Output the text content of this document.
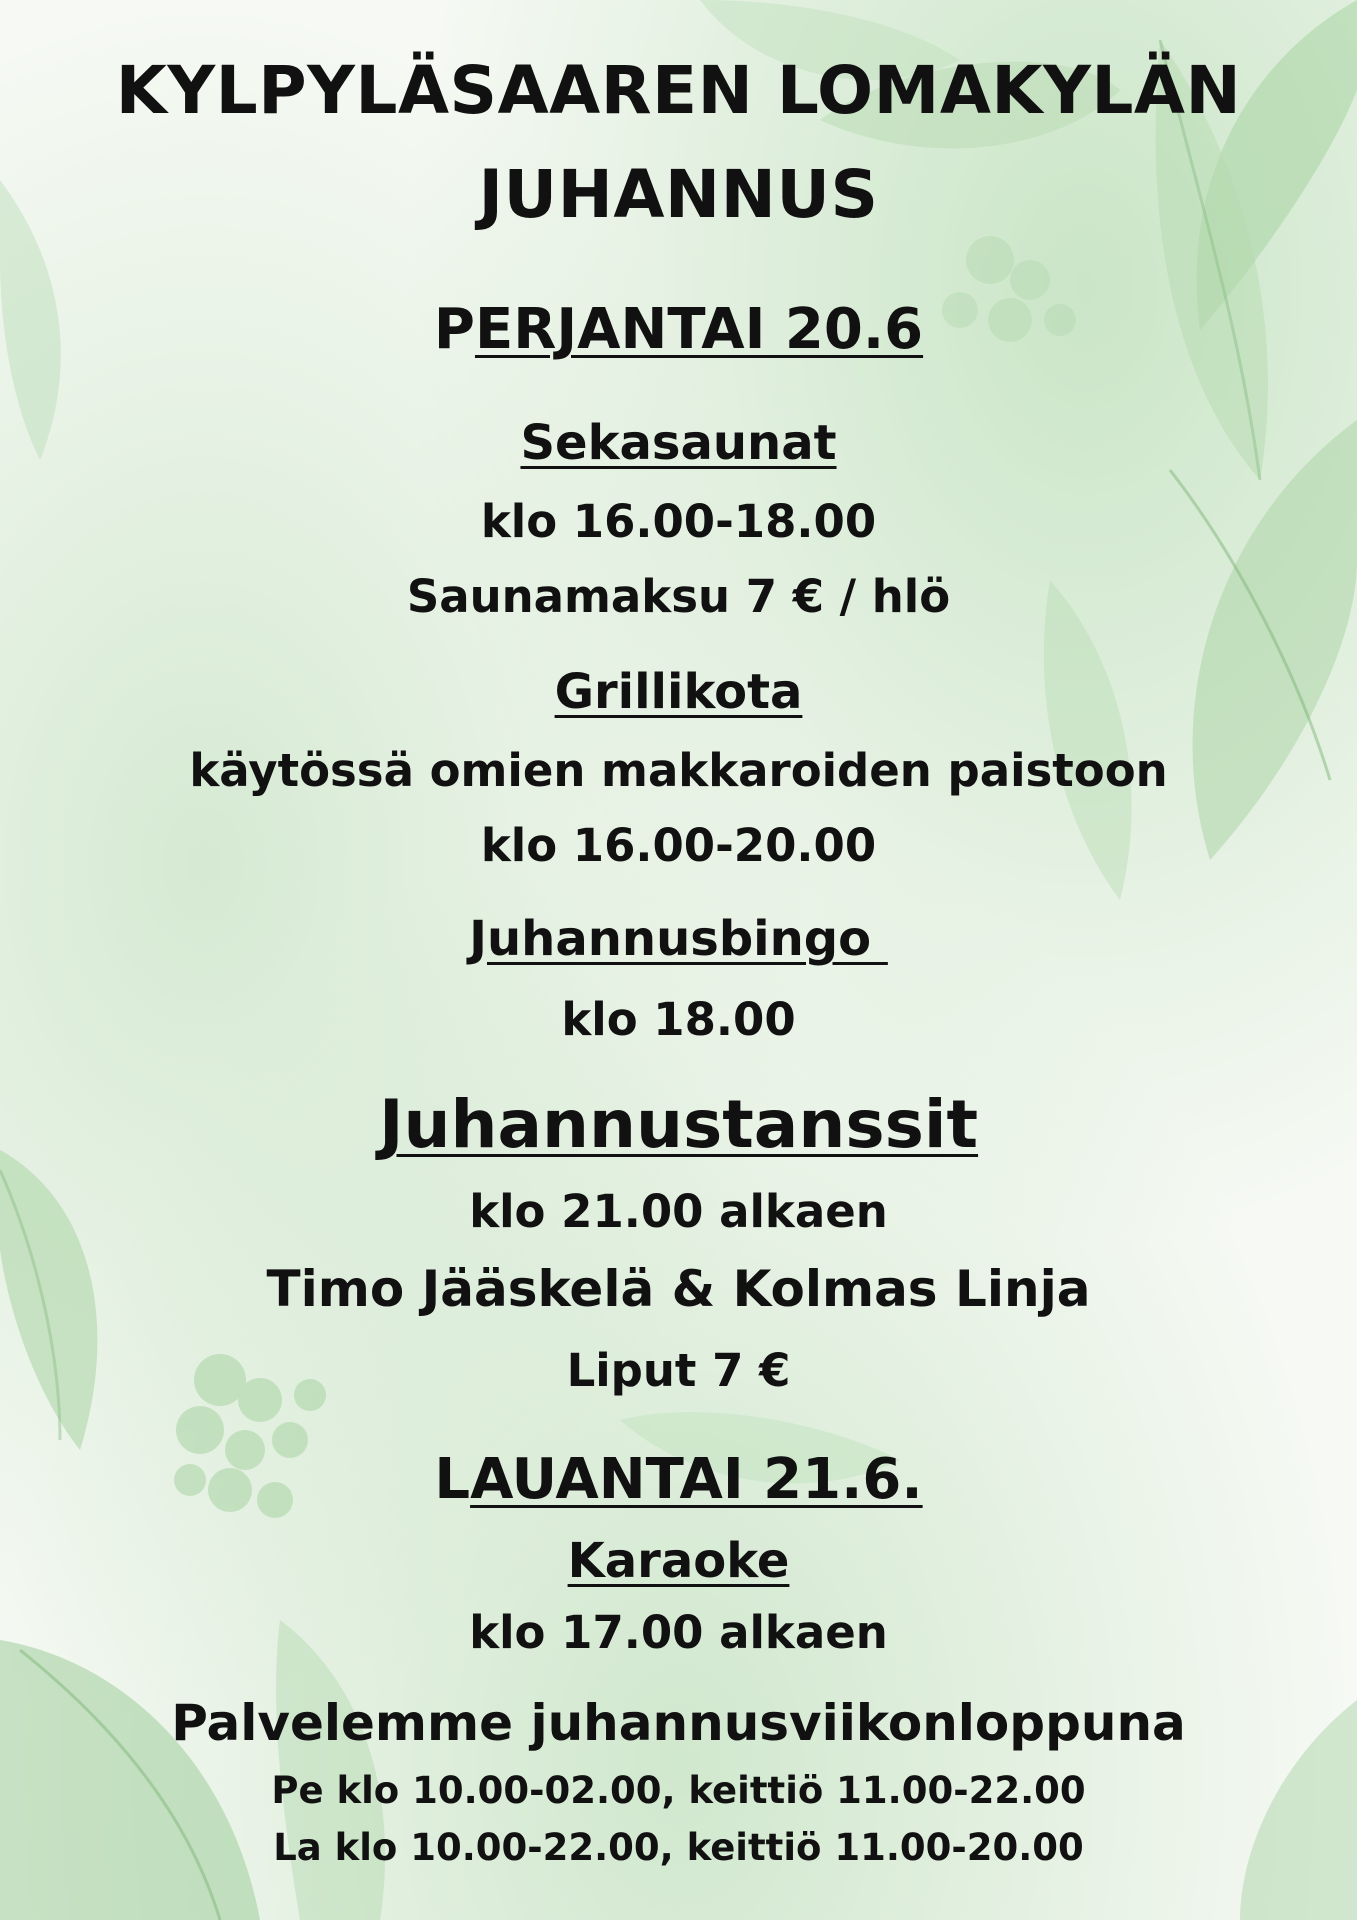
KYLPYLÄSAAREN LOMAKYLÄN
JUHANNUS
PERJANTAI 20.6
Sekasaunat
klo 16.00-18.00
Saunamaksu 7 € / hlö
Grillikota
käytössä omien makkaroiden paistoon
klo 16.00-20.00
Juhannusbingo
klo 18.00
Juhannustanssit
klo 21.00 alkaen
Timo Jääskelä & Kolmas Linja
Liput 7 €
LAUANTAI 21.6.
Karaoke
klo 17.00 alkaen
Palvelemme juhannusviikonloppuna
Pe klo 10.00-02.00, keittiö 11.00-22.00
La klo 10.00-22.00, keittiö 11.00-20.00
